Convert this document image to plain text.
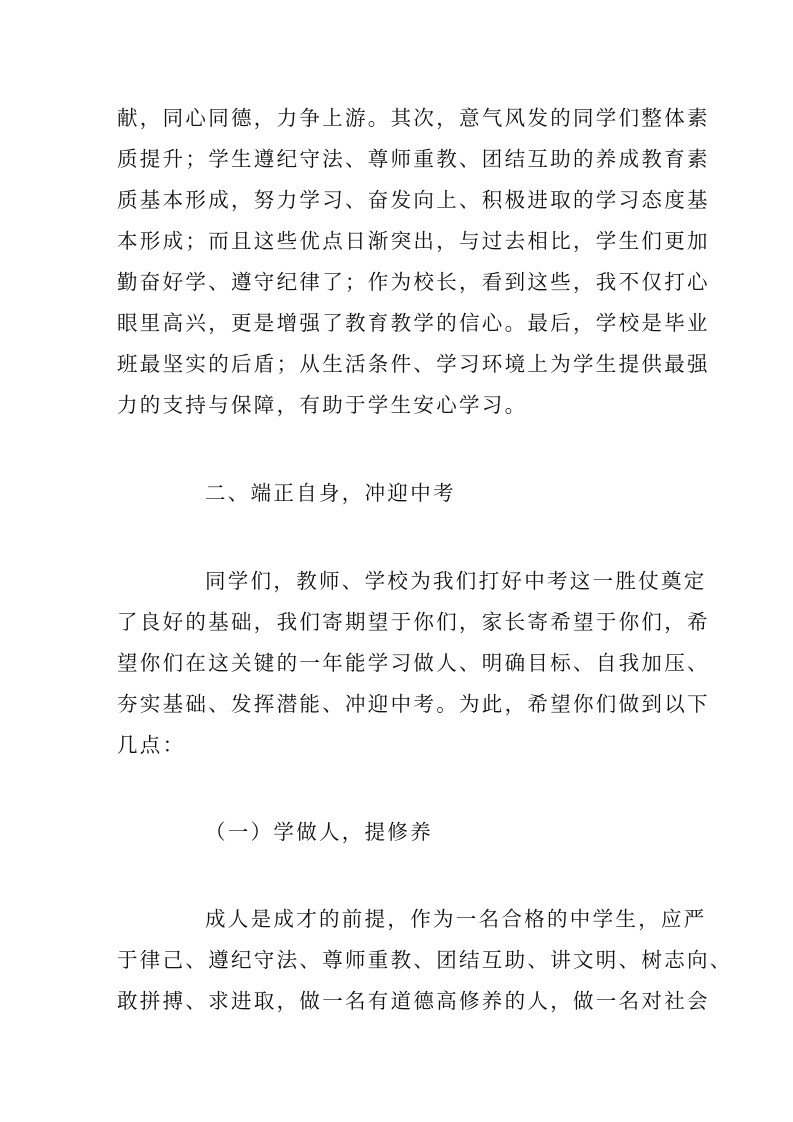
献，同心同德，力争上游。其次，意气风发的同学们整体素
质提升；学生遵纪守法、尊师重教、团结互助的养成教育素
质基本形成，努力学习、奋发向上、积极进取的学习态度基
本形成；而且这些优点日渐突出，与过去相比，学生们更加
勤奋好学、遵守纪律了；作为校长，看到这些，我不仅打心
眼里高兴，更是增强了教育教学的信心。最后，学校是毕业
班最坚实的后盾；从生活条件、学习环境上为学生提供最强
力的支持与保障，有助于学生安心学习。
二、端正自身，冲迎中考
同学们，教师、学校为我们打好中考这一胜仗奠定
了良好的基础，我们寄期望于你们，家长寄希望于你们，希
望你们在这关键的一年能学习做人、明确目标、自我加压、
夯实基础、发挥潜能、冲迎中考。为此，希望你们做到以下
几点：
（一）学做人，提修养
成人是成才的前提，作为一名合格的中学生，应严
于律己、遵纪守法、尊师重教、团结互助、讲文明、树志向、
敢拼搏、求进取，做一名有道德高修养的人，做一名对社会
